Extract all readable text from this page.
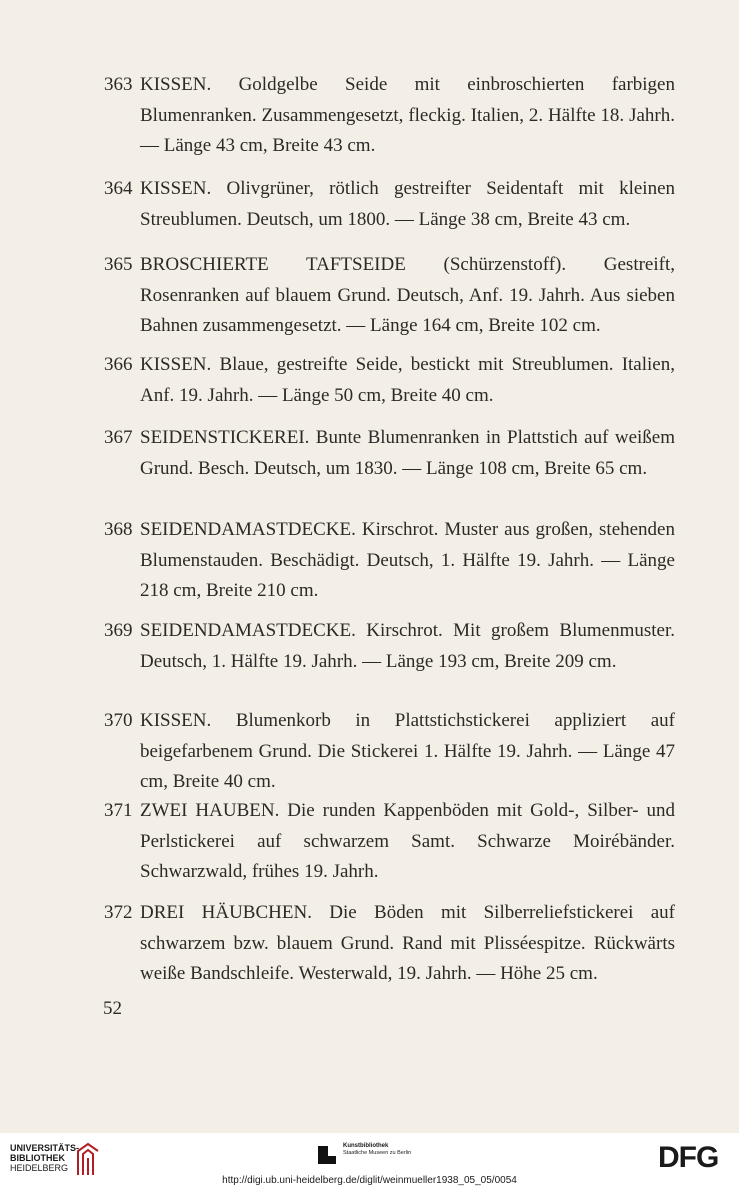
363 KISSEN. Goldgelbe Seide mit einbroschierten farbigen Blumenranken. Zusammengesetzt, fleckig. Italien, 2. Hälfte 18. Jahrh. — Länge 43 cm, Breite 43 cm.
364 KISSEN. Olivgrüner, rötlich gestreifter Seidentaft mit kleinen Streublumen. Deutsch, um 1800. — Länge 38 cm, Breite 43 cm.
365 BROSCHIERTE TAFTSEIDE (Schürzenstoff). Gestreift, Rosenranken auf blauem Grund. Deutsch, Anf. 19. Jahrh. Aus sieben Bahnen zusammengesetzt. — Länge 164 cm, Breite 102 cm.
366 KISSEN. Blaue, gestreifte Seide, bestickt mit Streublumen. Italien, Anf. 19. Jahrh. — Länge 50 cm, Breite 40 cm.
367 SEIDENSTICKEREI. Bunte Blumenranken in Plattstich auf weißem Grund. Besch. Deutsch, um 1830. — Länge 108 cm, Breite 65 cm.
368 SEIDENDAMASTDECKE. Kirschrot. Muster aus großen, stehenden Blumenstauden. Beschädigt. Deutsch, 1. Hälfte 19. Jahrh. — Länge 218 cm, Breite 210 cm.
369 SEIDENDAMASTDECKE. Kirschrot. Mit großem Blumenmuster. Deutsch, 1. Hälfte 19. Jahrh. — Länge 193 cm, Breite 209 cm.
370 KISSEN. Blumenkorb in Plattstichstickerei appliziert auf beigefarbenem Grund. Die Stickerei 1. Hälfte 19. Jahrh. — Länge 47 cm, Breite 40 cm.
371 ZWEI HAUBEN. Die runden Kappenböden mit Gold-, Silber- und Perlstickerei auf schwarzem Samt. Schwarze Moirébänder. Schwarzwald, frühes 19. Jahrh.
372 DREI HÄUBCHEN. Die Böden mit Silberreliefstickerei auf schwarzem bzw. blauem Grund. Rand mit Plisséespitze. Rückwärts weiße Bandschleife. Westerwald, 19. Jahrh. — Höhe 25 cm.
52
UNIVERSITÄTS-
BIBLIOTHEK
HEIDELBERG
Kunstbibliothek
Staatliche Museen zu Berlin	DFG
http://digi.ub.uni-heidelberg.de/diglit/weinmueller1938_05_05/0054
